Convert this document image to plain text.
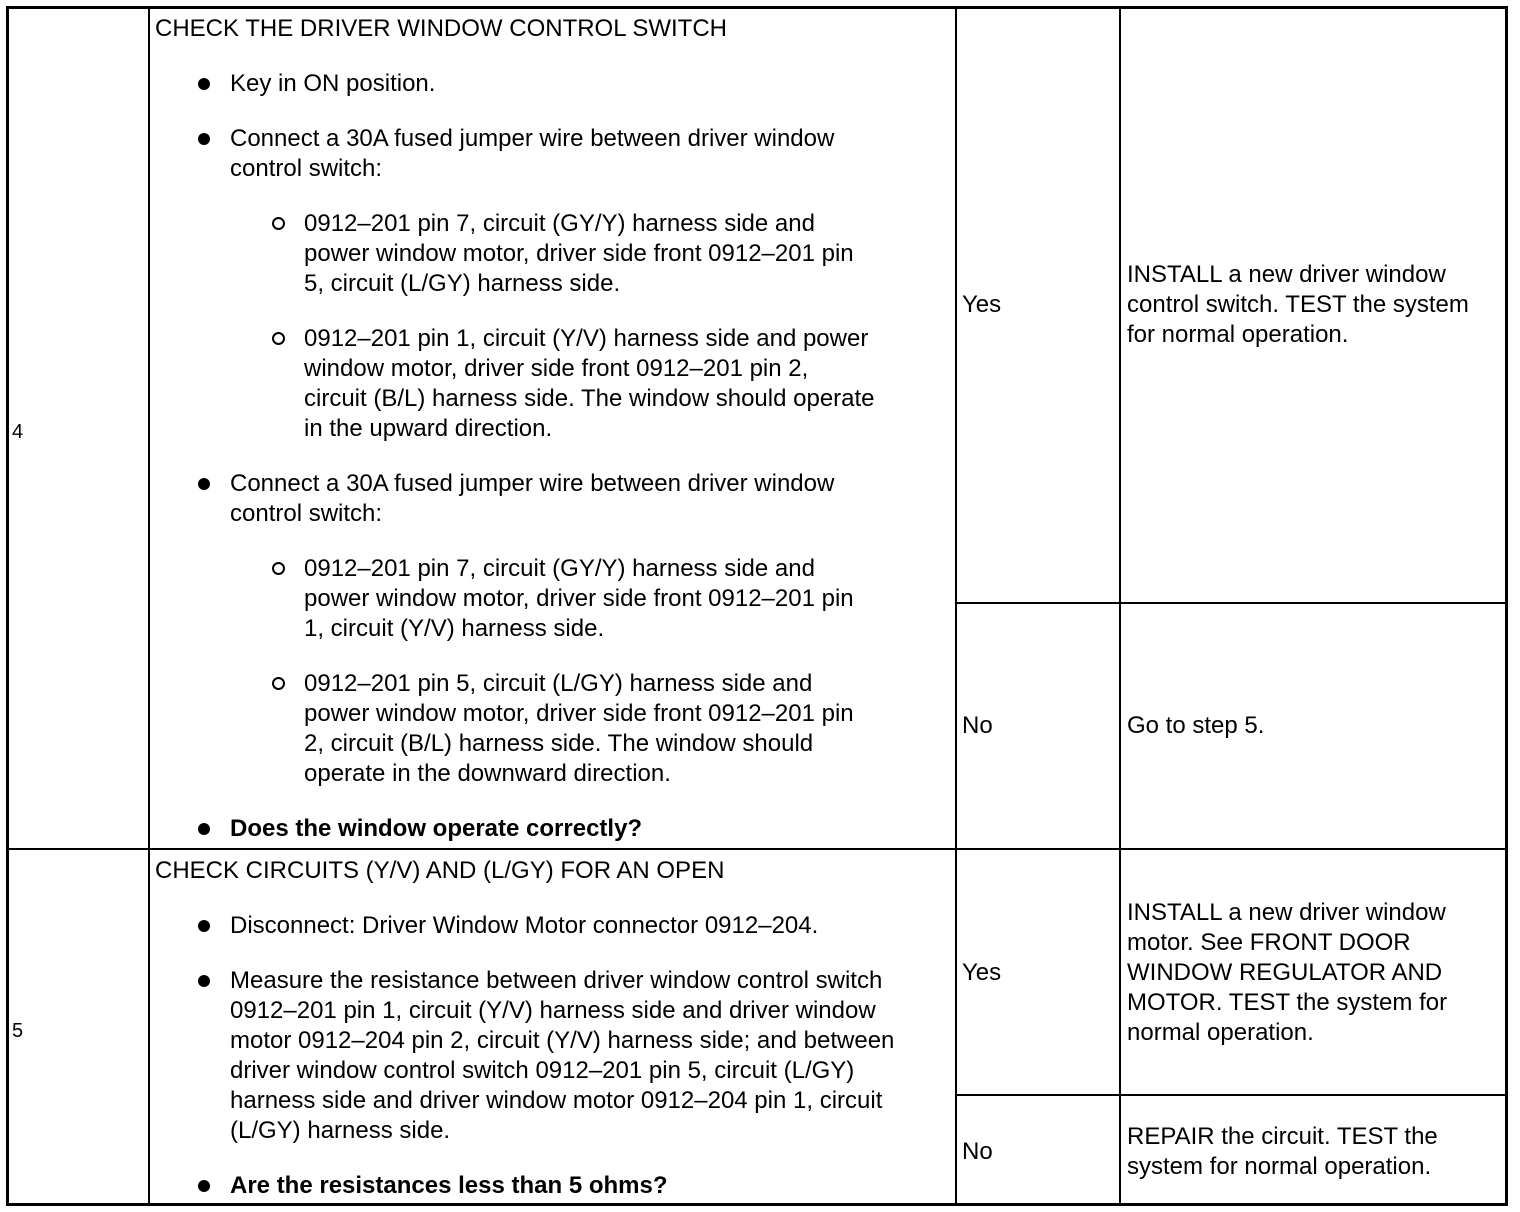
4
CHECK THE DRIVER WINDOW CONTROL SWITCH
Key in ON position.
Connect a 30A fused jumper wire between driver window
control switch:
0912–201 pin 7, circuit (GY/Y) harness side and
power window motor, driver side front 0912–201 pin
5, circuit (L/GY) harness side.
0912–201 pin 1, circuit (Y/V) harness side and power
window motor, driver side front 0912–201 pin 2,
circuit (B/L) harness side. The window should operate
in the upward direction.
Connect a 30A fused jumper wire between driver window
control switch:
0912–201 pin 7, circuit (GY/Y) harness side and
power window motor, driver side front 0912–201 pin
1, circuit (Y/V) harness side.
0912–201 pin 5, circuit (L/GY) harness side and
power window motor, driver side front 0912–201 pin
2, circuit (B/L) harness side. The window should
operate in the downward direction.
Does the window operate correctly?
Yes
INSTALL a new driver window
control switch. TEST the system
for normal operation.
No	Go to step 5.
5
CHECK CIRCUITS (Y/V) AND (L/GY) FOR AN OPEN
Disconnect: Driver Window Motor connector 0912–204.
Measure the resistance between driver window control switch
0912–201 pin 1, circuit (Y/V) harness side and driver window
motor 0912–204 pin 2, circuit (Y/V) harness side; and between
driver window control switch 0912–201 pin 5, circuit (L/GY)
harness side and driver window motor 0912–204 pin 1, circuit
(L/GY) harness side.
Are the resistances less than 5 ohms?
Yes
INSTALL a new driver window
motor. See FRONT DOOR
WINDOW REGULATOR AND
MOTOR. TEST the system for
normal operation.
No
REPAIR the circuit. TEST the
system for normal operation.
